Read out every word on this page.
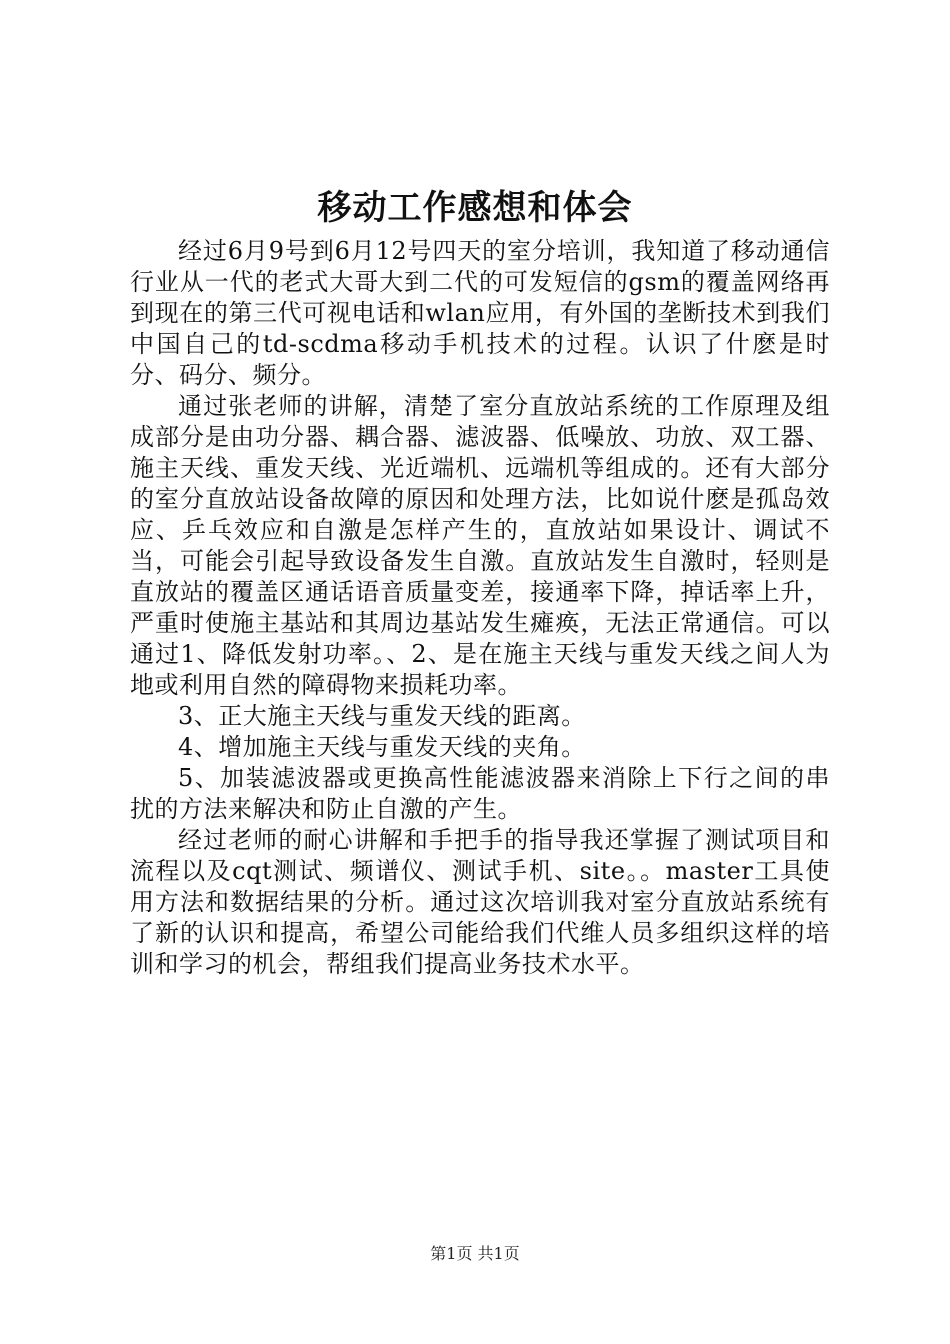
移动工作感想和体会

经过6月9号到6月12号四天的室分培训，我知道了移动通信行业从一代的老式大哥大到二代的可发短信的gsm的覆盖网络再到现在的第三代可视电话和wlan应用，有外国的垄断技术到我们中国自己的td-scdma移动手机技术的过程。认识了什麽是时分、码分、频分。

通过张老师的讲解，清楚了室分直放站系统的工作原理及组成部分是由功分器、耦合器、滤波器、低噪放、功放、双工器、施主天线、重发天线、光近端机、远端机等组成的。还有大部分的室分直放站设备故障的原因和处理方法，比如说什麽是孤岛效应、乒乓效应和自激是怎样产生的，直放站如果设计、调试不当，可能会引起导致设备发生自激。直放站发生自激时，轻则是直放站的覆盖区通话语音质量变差，接通率下降，掉话率上升，严重时使施主基站和其周边基站发生瘫痪，无法正常通信。可以通过1、降低发射功率。、2、是在施主天线与重发天线之间人为地或利用自然的障碍物来损耗功率。

3、正大施主天线与重发天线的距离。

4、增加施主天线与重发天线的夹角。

5、加装滤波器或更换高性能滤波器来消除上下行之间的串扰的方法来解决和防止自激的产生。

经过老师的耐心讲解和手把手的指导我还掌握了测试项目和流程以及cqt测试、频谱仪、测试手机、site。。master工具使用方法和数据结果的分析。通过这次培训我对室分直放站系统有了新的认识和提高，希望公司能给我们代维人员多组织这样的培训和学习的机会，帮组我们提高业务技术水平。

第1页 共1页
